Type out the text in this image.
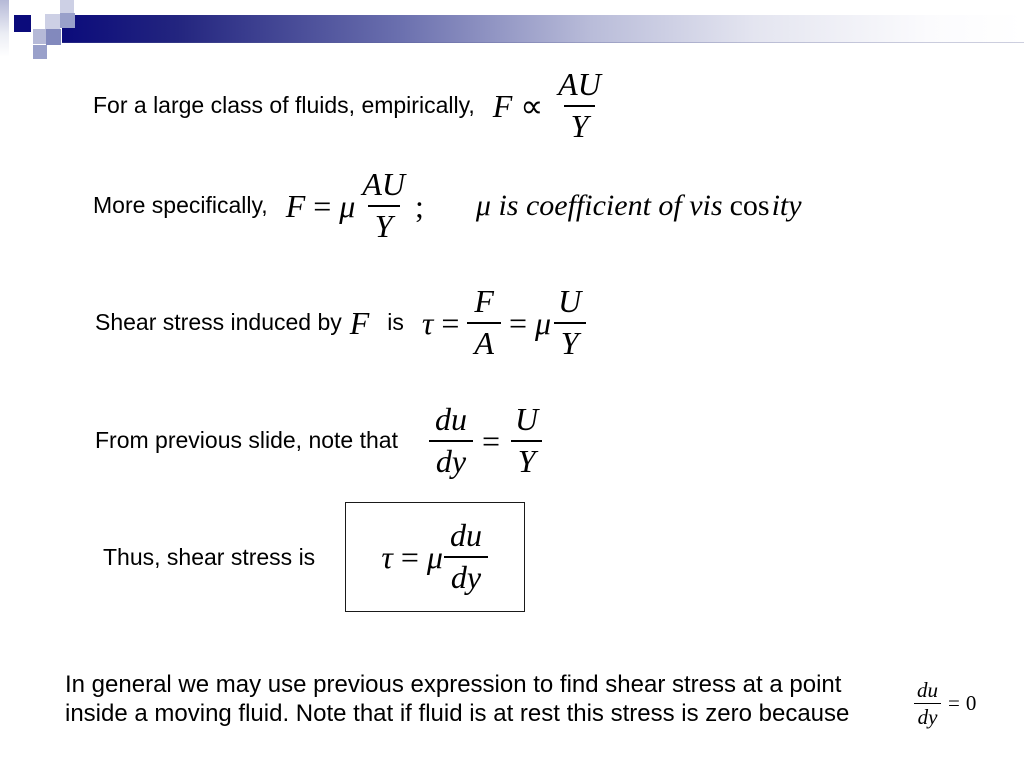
For a large class of fluids, empirically, $F \propto \frac{AU}{Y}$
More specifically, F = μ $\frac{AU}{Y}$ ; μ is coefficient of vis cosity
Shear stress induced by F is $\tau = \frac{F}{A} = \mu \frac{U}{Y}$
From previous slide, note that $\frac{du}{dy} = \frac{U}{Y}$
Thus, shear stress is τ = μ $\frac{du}{dy}$
In general we may use previous expression to find shear stress at a point
inside a moving fluid. Note that if fluid is at rest this stress is zero because	$\frac{du}{dy} = 0$
